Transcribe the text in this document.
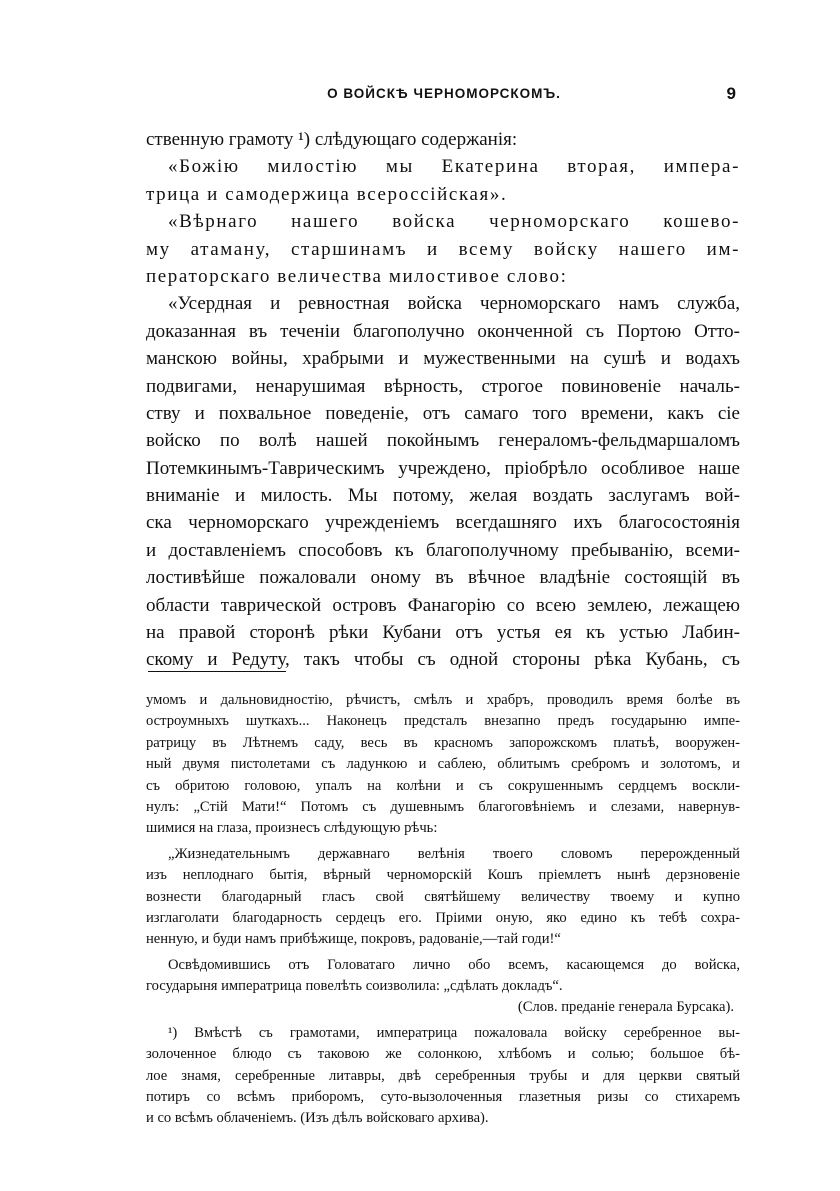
О ВОЙСКѢ ЧЕРНОМОРСКОМЪ.	9
ственную грамоту ¹) слѣдующаго содержанія:
«Божію милостію мы Екатерина вторая, импера-
трица и самодержица всероссійская».
«Вѣрнаго нашего войска черноморскаго кошево-
му атаману, старшинамъ и всему войску нашего им-
ператорскаго величества милостивое слово:
«Усердная и ревностная войска черноморскаго намъ служба,
доказанная въ теченіи благополучно оконченной съ Портою Отто-
манскою войны, храбрыми и мужественными на сушѣ и водахъ
подвигами, ненарушимая вѣрность, строгое повиновеніе началь-
ству и похвальное поведеніе, отъ самаго того времени, какъ сіе
войско по волѣ нашей покойнымъ генераломъ-фельдмаршаломъ
Потемкинымъ-Таврическимъ учреждено, пріобрѣло особливое наше
вниманіе и милость. Мы потому, желая воздать заслугамъ вой-
ска черноморскаго учрежденіемъ всегдашняго ихъ благосостоянія
и доставленіемъ способовъ къ благополучному пребыванію, всеми-
лостивѣйше пожаловали оному въ вѣчное владѣніе состоящій въ
области таврической островъ Фанагорію со всею землею, лежащею
на правой сторонѣ рѣки Кубани отъ устья ея къ устью Лабин-
скому и Редуту, такъ чтобы съ одной стороны рѣка Кубань, съ
умомъ и дальновидностію, рѣчистъ, смѣлъ и храбръ, проводилъ время болѣе въ
остроумныхъ шуткахъ... Наконецъ предсталъ внезапно предъ государыню импе-
ратрицу въ Лѣтнемъ саду, весь въ красномъ запорожскомъ платьѣ, вооружен-
ный двумя пистолетами съ ладункою и саблею, облитымъ сребромъ и золотомъ, и
съ обритою головою, упалъ на колѣни и съ сокрушеннымъ сердцемъ воскли-
нулъ: „Стій Мати!“ Потомъ съ душевнымъ благоговѣніемъ и слезами, навернув-
шимися на глаза, произнесъ слѣдующую рѣчь:
„Жизнедательнымъ державнаго велѣнія твоего словомъ перерожденный
изъ неплоднаго бытія, вѣрный черноморскій Кошъ пріемлетъ нынѣ дерзновеніе
вознести благодарный гласъ свой святѣйшему величеству твоему и купно
изглаголати благодарность сердецъ его. Пріими оную, яко едино къ тебѣ сохра-
ненную, и буди намъ прибѣжище, покровъ, радованіе,—тай годи!“
Освѣдомившись отъ Головатаго лично обо всемъ, касающемся до войска,
государыня императрица повелѣть соизволила: „сдѣлать докладъ“.
(Слов. преданіе генерала Бурсака).
¹) Вмѣстѣ съ грамотами, императрица пожаловала войску серебренное вы-
золоченное блюдо съ таковою же солонкою, хлѣбомъ и солью; большое бѣ-
лое знамя, серебренные литавры, двѣ серебренныя трубы и для церкви святый
потиръ со всѣмъ приборомъ, суто-вызолоченныя глазетныя ризы со стихаремъ
и со всѣмъ облаченіемъ. (Изъ дѣлъ войсковаго архива).
